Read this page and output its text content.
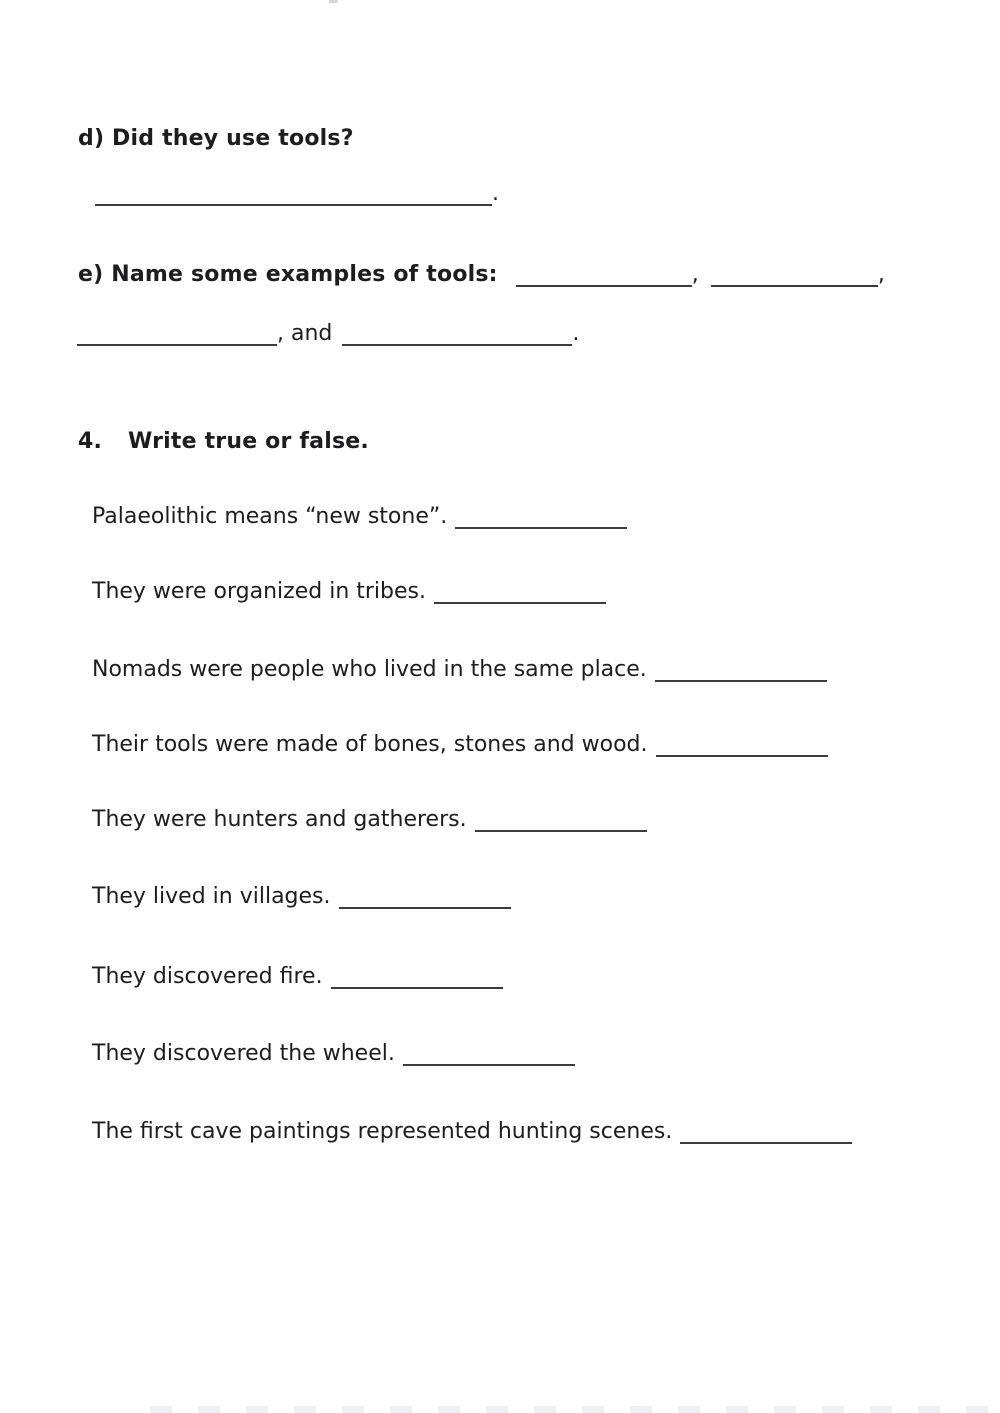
d) Did they use tools?
.
e) Name some examples of tools:	,	,
, and	.
4. Write true or false.
Palaeolithic means “new stone”.
They were organized in tribes.
Nomads were people who lived in the same place.
Their tools were made of bones, stones and wood.
They were hunters and gatherers.
They lived in villages.
They discovered fire.
They discovered the wheel.
The first cave paintings represented hunting scenes.
